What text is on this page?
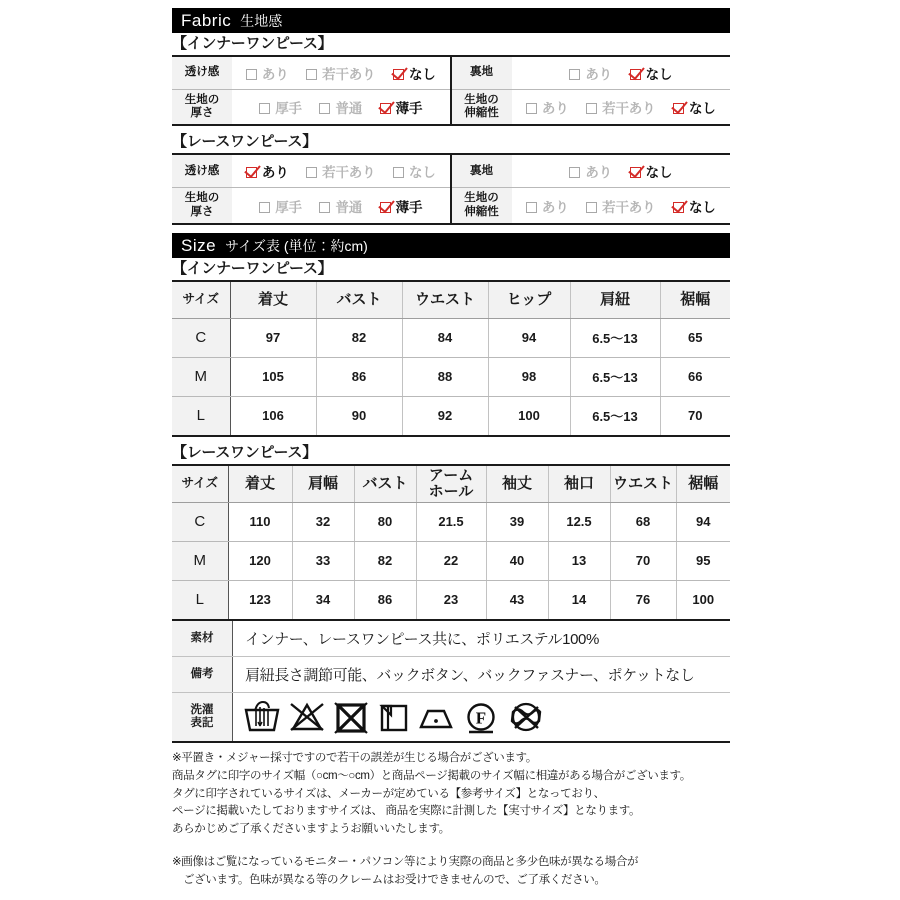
Fabric 生地感
【インナーワンピース】
透け感	あり 若干あり なし	裏地	あり なし
生地の
厚さ	厚手 普通 薄手	生地の
伸縮性	あり 若干あり なし
【レースワンピース】
透け感	あり 若干あり なし	裏地	あり なし
生地の
厚さ	厚手 普通 薄手	生地の
伸縮性	あり 若干あり なし
Size サイズ表 (単位：約cm)
【インナーワンピース】
サイズ	着丈	バスト	ウエスト	ヒップ	肩紐	裾幅
C	97	82	84	94	6.5〜13	65
M	105	86	88	98	6.5〜13	66
L	106	90	92	100	6.5〜13	70
【レースワンピース】
サイズ	着丈	肩幅	バスト	アーム
ホール	袖丈	袖口	ウエスト	裾幅
C	110	32	80	21.5	39	12.5	68	94
M	120	33	82	22	40	13	70	95
L	123	34	86	23	43	14	76	100
素材	インナー、レースワンピース共に、ポリエステル100%
備考	肩紐長さ調節可能、バックボタン、バックファスナー、ポケットなし
洗濯
表記	F
※平置き・メジャー採寸ですので若干の誤差が生じる場合がございます。
商品タグに印字のサイズ幅（○cm〜○cm）と商品ページ掲載のサイズ幅に相違がある場合がございます。
タグに印字されているサイズは、メーカーが定めている【参考サイズ】となっており、
ページに掲載いたしておりますサイズは、 商品を実際に計測した【実寸サイズ】となります。
あらかじめご了承くださいますようお願いいたします。
※画像はご覧になっているモニター・パソコン等により実際の商品と多少色味が異なる場合が
ございます。色味が異なる等のクレームはお受けできませんので、ご了承ください。
